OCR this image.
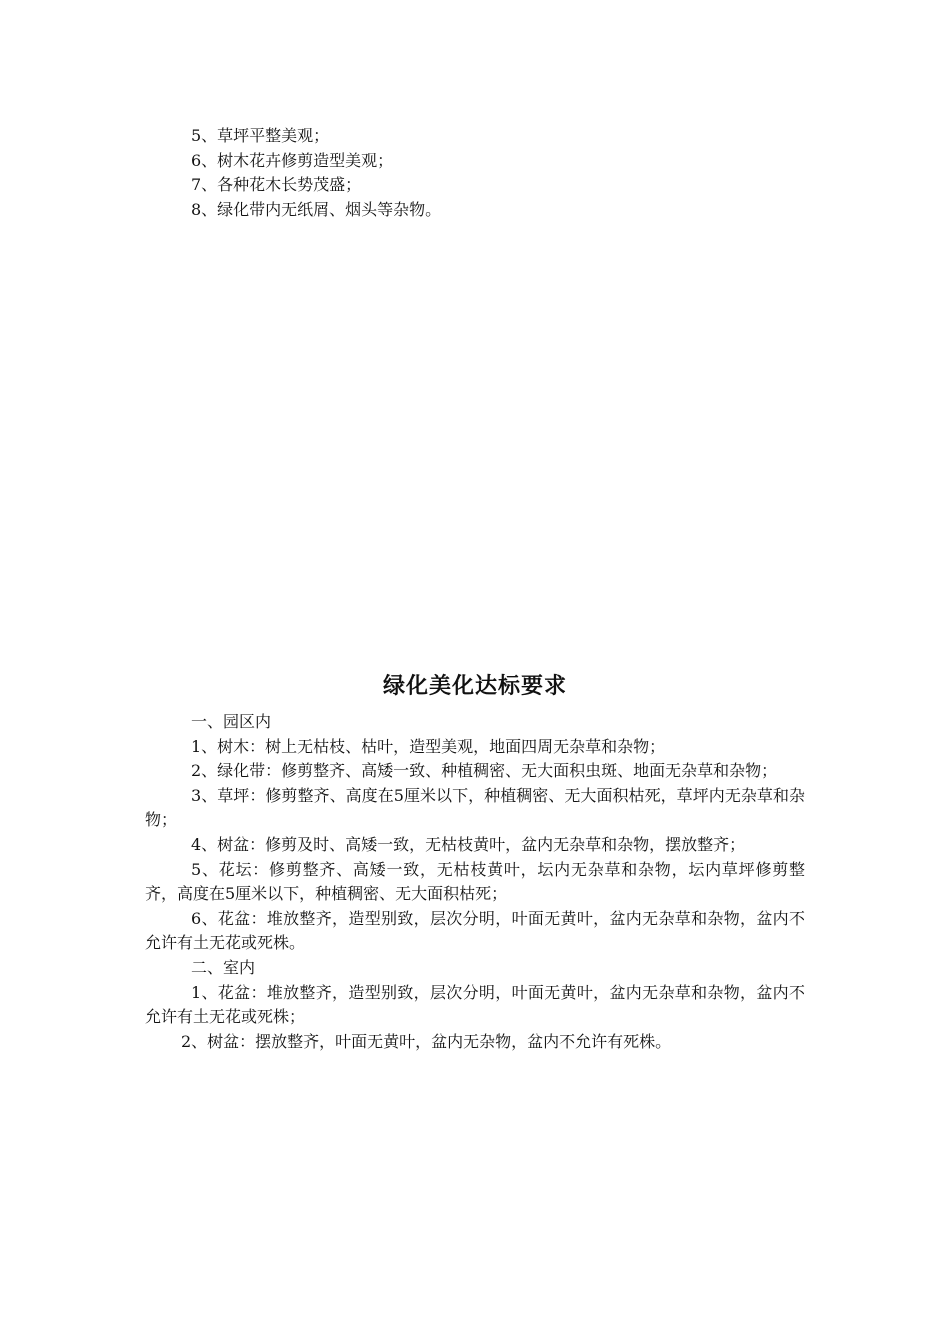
5、草坪平整美观；
6、树木花卉修剪造型美观；
7、各种花木长势茂盛；
8、绿化带内无纸屑、烟头等杂物。
绿化美化达标要求

一、园区内

1、树木：树上无枯枝、枯叶，造型美观，地面四周无杂草和杂物；

2、绿化带：修剪整齐、高矮一致、种植稠密、无大面积虫斑、地面无杂草和杂物；

3、草坪：修剪整齐、高度在5厘米以下，种植稠密、无大面积枯死，草坪内无杂草和杂物；

4、树盆：修剪及时、高矮一致，无枯枝黄叶，盆内无杂草和杂物，摆放整齐；

5、花坛：修剪整齐、高矮一致，无枯枝黄叶，坛内无杂草和杂物，坛内草坪修剪整齐，高度在5厘米以下，种植稠密、无大面积枯死；

6、花盆：堆放整齐，造型别致，层次分明，叶面无黄叶，盆内无杂草和杂物，盆内不允许有土无花或死株。

二、室内

1、花盆：堆放整齐，造型别致，层次分明，叶面无黄叶，盆内无杂草和杂物，盆内不允许有土无花或死株；

2、树盆：摆放整齐，叶面无黄叶，盆内无杂物，盆内不允许有死株。
